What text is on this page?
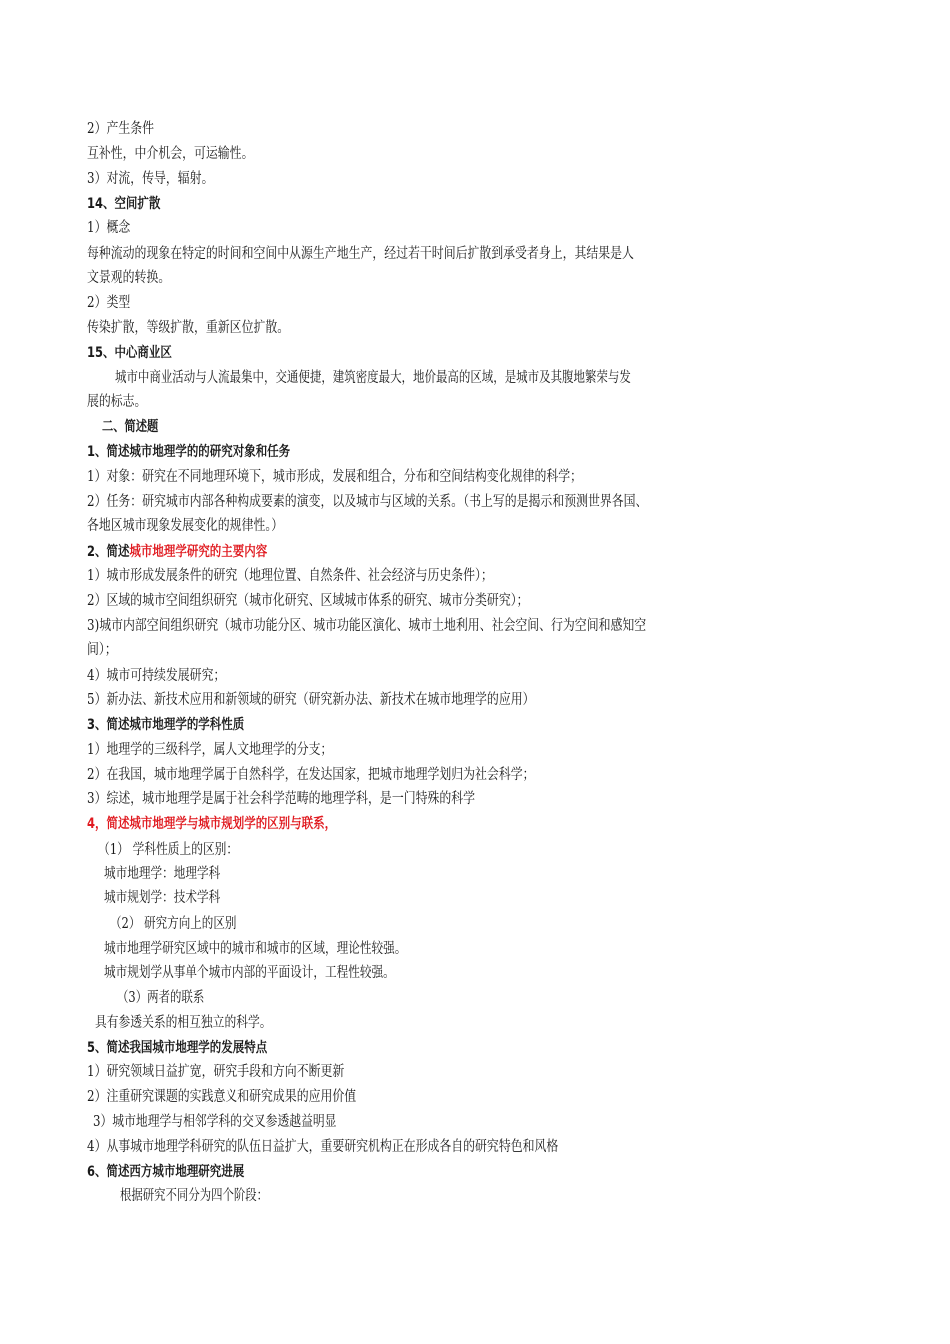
2）产生条件
互补性，中介机会，可运输性。
3）对流，传导，辐射。
14、空间扩散
1）概念
每种流动的现象在特定的时间和空间中从源生产地生产，经过若干时间后扩散到承受者身上，其结果是人
文景观的转换。
2）类型
传染扩散，等级扩散，重新区位扩散。
15、中心商业区
城市中商业活动与人流最集中，交通便捷，建筑密度最大，地价最高的区域，是城市及其腹地繁荣与发
展的标志。
二、简述题
1、简述城市地理学的的研究对象和任务
1）对象：研究在不同地理环境下，城市形成，发展和组合，分布和空间结构变化规律的科学；
2）任务：研究城市内部各种构成要素的演变，以及城市与区域的关系。（书上写的是揭示和预测世界各国、
各地区城市现象发展变化的规律性。）
2、简述城市地理学研究的主要内容
1）城市形成发展条件的研究（地理位置、自然条件、社会经济与历史条件）；
2）区域的城市空间组织研究（城市化研究、区域城市体系的研究、城市分类研究）；
3)城市内部空间组织研究（城市功能分区、城市功能区演化、城市土地利用、社会空间、行为空间和感知空
间）；
4）城市可持续发展研究；
5）新办法、新技术应用和新领域的研究（研究新办法、新技术在城市地理学的应用）
3、简述城市地理学的学科性质
1）地理学的三级科学，属人文地理学的分支；
2）在我国，城市地理学属于自然科学，在发达国家，把城市地理学划归为社会科学；
3）综述，城市地理学是属于社会科学范畴的地理学科，是一门特殊的科学
4，简述城市地理学与城市规划学的区别与联系，
（1） 学科性质上的区别：
城市地理学：地理学科
城市规划学：技术学科
（2） 研究方向上的区别
城市地理学研究区域中的城市和城市的区域，理论性较强。
城市规划学从事单个城市内部的平面设计，工程性较强。
（3）两者的联系
具有参透关系的相互独立的科学。
5、简述我国城市地理学的发展特点
1）研究领域日益扩宽，研究手段和方向不断更新
2）注重研究课题的实践意义和研究成果的应用价值
3）城市地理学与相邻学科的交叉参透越益明显
4）从事城市地理学科研究的队伍日益扩大，重要研究机构正在形成各自的研究特色和风格
6、简述西方城市地理研究进展
根据研究不同分为四个阶段：
